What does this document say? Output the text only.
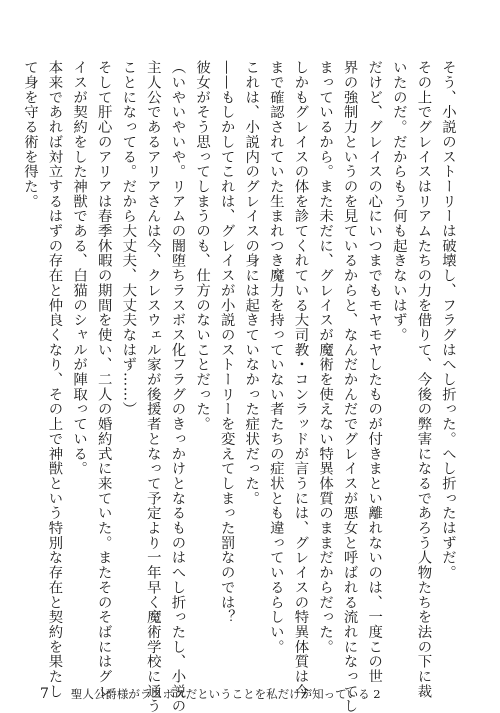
そう、小説のストーリーは破壊し、フラグはへし折った。へし折ったはずだ。

その上でグレイスはリアムたちの力を借りて、今後の弊害になるであろう人物たちを法の下に裁

いたのだ。だからもう何も起きないはず。

だけど、グレイスの心にいつまでもモヤモヤしたものが付きまとい離れないのは、一度この世

界の強制力というのを見ているからと、なんだかんだでグレイスが悪女と呼ばれる流れになってし

まっているから。また未だに、グレイスが魔術を使えない特異体質のままだからだった。

しかもグレイスの体を診てくれている大司教・コンラッドが言うには、グレイスの特異体質は今

まで確認されていた生まれつき魔力を持っていない者たちの症状とも違っているらしい。

これは、小説内のグレイスの身には起きていなかった症状だった。

——もしかしてこれは、グレイスが小説のストーリーを変えてしまった罰なのでは？

彼女がそう思ってしまうのも、仕方のないことだった。

（いやいやいや。リアムの闇堕ちラスボス化フラグのきっかけとなるものはへし折ったし、小説の

主人公であるアリアさんは今、クレスウェル家が後援者となって予定より一年早く魔術学校に通う

ことになってる。だから大丈夫、大丈夫なはず……）

そして肝心のアリアは春季休暇の期間を使い、二人の婚約式に来ていた。またそのそばにはグレ

イスが契約をした神獣である、白猫のシャルが陣取っている。

本来であれば対立するはずの存在と仲良くなり、その上で神獣という特別な存在と契約を果たし

て身を守る術を得た。

7 聖人公爵様がラスボスだということを私だけが知っている 2
